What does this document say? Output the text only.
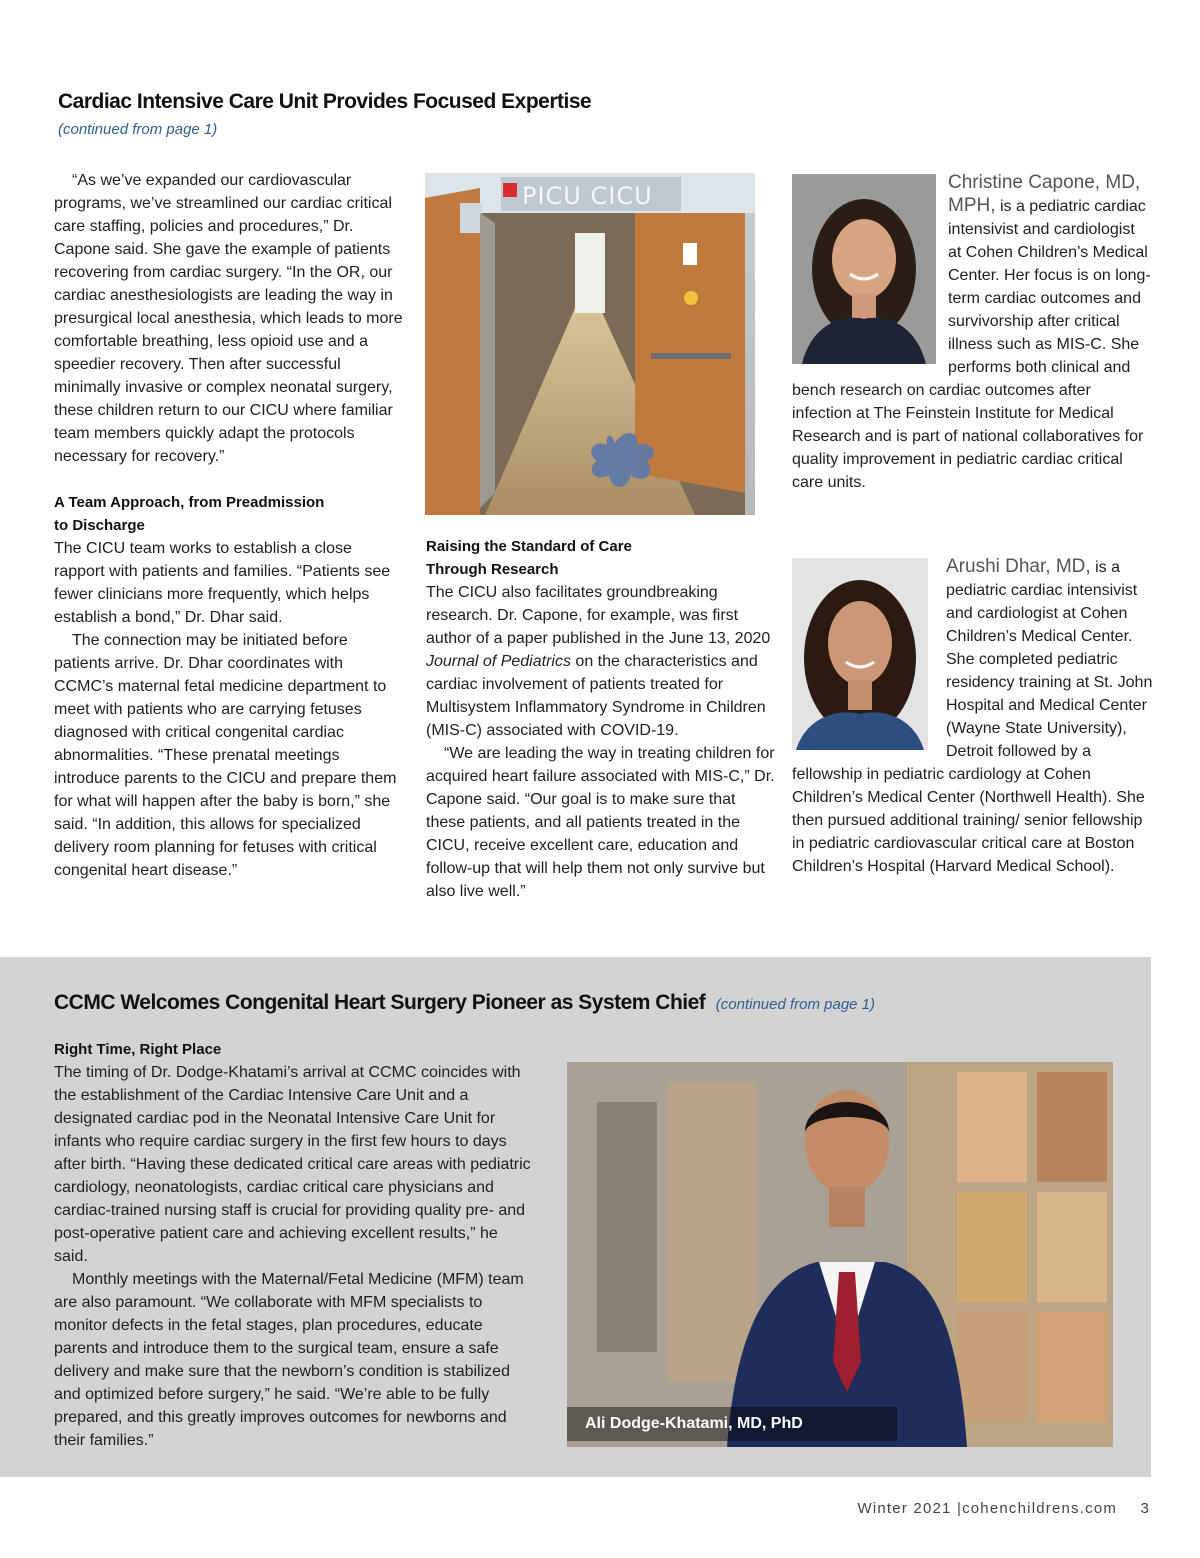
Cardiac Intensive Care Unit Provides Focused Expertise
(continued from page 1)

“As we’ve expanded our cardiovascular programs, we’ve streamlined our cardiac critical care staffing, policies and procedures,” Dr. Capone said. She gave the example of patients recovering from cardiac surgery. “In the OR, our cardiac anesthesiologists are leading the way in presurgical local anesthesia, which leads to more comfortable breathing, less opioid use and a speedier recovery. Then after successful minimally invasive or complex neonatal surgery, these children return to our CICU where familiar team members quickly adapt the protocols necessary for recovery.”

A Team Approach, from Preadmission
to Discharge

The CICU team works to establish a close rapport with patients and families. “Patients see fewer clinicians more frequently, which helps establish a bond,” Dr. Dhar said.

The connection may be initiated before patients arrive. Dr. Dhar coordinates with CCMC’s maternal fetal medicine department to meet with patients who are carrying fetuses diagnosed with critical congenital cardiac abnormalities. “These prenatal meetings introduce parents to the CICU and prepare them for what will happen after the baby is born,” she said. “In addition, this allows for specialized delivery room planning for fetuses with critical congenital heart disease.”

PICU CICU
Raising the Standard of Care
Through Research

The CICU also facilitates groundbreaking research. Dr. Capone, for example, was first author of a paper published in the June 13, 2020 Journal of Pediatrics on the characteristics and cardiac involvement of patients treated for Multisystem Inflammatory Syndrome in Children (MIS-C) associated with COVID-19.

“We are leading the way in treating children for acquired heart failure associated with MIS-C,” Dr. Capone said. “Our goal is to make sure that these patients, and all patients treated in the CICU, receive excellent care, education and follow-up that will help them not only survive but also live well.”

Christine Capone, MD, MPH, is a pediatric cardiac intensivist and cardiologist at Cohen Children’s Medical Center. Her focus is on long-term cardiac outcomes and survivorship after critical illness such as MIS-C. She performs both clinical and bench research on cardiac outcomes after infection at The Feinstein Institute for Medical Research and is part of national collaboratives for quality improvement in pediatric cardiac critical care units.
Arushi Dhar, MD, is a pediatric cardiac intensivist and cardiologist at Cohen Children’s Medical Center. She completed pediatric residency training at St. John Hospital and Medical Center (Wayne State University), Detroit followed by a fellowship in pediatric cardiology at Cohen Children’s Medical Center (Northwell Health). She then pursued additional training/ senior fellowship in pediatric cardiovascular critical care at Boston Children’s Hospital (Harvard Medical School).
CCMC Welcomes Congenital Heart Surgery Pioneer as System Chief (continued from page 1)
Right Time, Right Place

The timing of Dr. Dodge-Khatami’s arrival at CCMC coincides with the establishment of the Cardiac Intensive Care Unit and a designated cardiac pod in the Neonatal Intensive Care Unit for infants who require cardiac surgery in the first few hours to days after birth. “Having these dedicated critical care areas with pediatric cardiology, neonatologists, cardiac critical care physicians and cardiac-trained nursing staff is crucial for providing quality pre- and post-operative patient care and achieving excellent results,” he said.

Monthly meetings with the Maternal/Fetal Medicine (MFM) team are also paramount. “We collaborate with MFM specialists to monitor defects in the fetal stages, plan procedures, educate parents and introduce them to the surgical team, ensure a safe delivery and make sure that the newborn’s condition is stabilized and optimized before surgery,” he said. “We’re able to be fully prepared, and this greatly improves outcomes for newborns and their families.”

Ali Dodge-Khatami, MD, PhD
Winter 2021 |cohenchildrens.com 3
